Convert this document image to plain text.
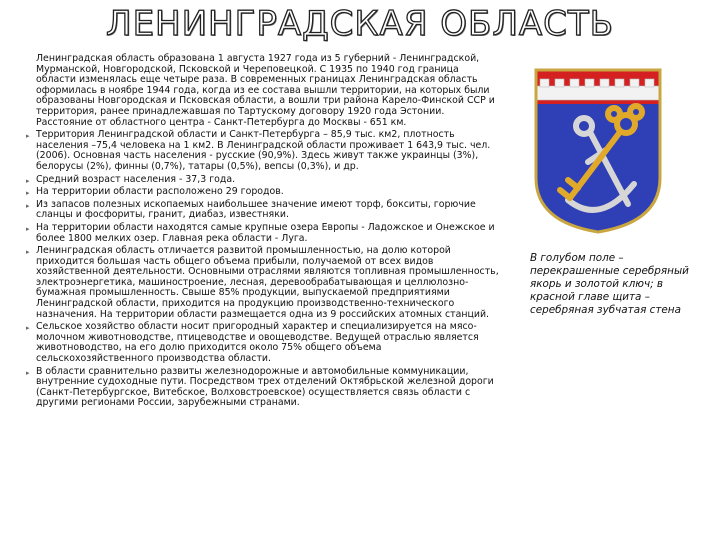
ЛЕНИНГРАДСКАЯ ОБЛАСТЬ

Ленинградская область образована 1 августа 1927 года из 5 губерний - Ленинградской, Мурманской, Новгородской, Псковской и Череповецкой. С 1935 по 1940 год граница области изменялась еще четыре раза. В современных границах Ленинградская область оформилась в ноябре 1944 года, когда из ее состава вышли территории, на которых были образованы Новгородская и Псковская области, а вошли три района Карело-Финской ССР и территория, ранее принадлежавшая по Тартускому договору 1920 года Эстонии. Расстояние от областного центра - Санкт-Петербурга до Москвы - 651 км.

▸ Территория Ленинградской области и Санкт-Петербурга – 85,9 тыс. км2, плотность населения –75,4 человека на 1 км2. В Ленинградской области проживает 1 643,9 тыс. чел. (2006). Основная часть населения - русские (90,9%). Здесь живут также украинцы (3%), белорусы (2%), финны (0,7%), татары (0,5%), вепсы (0,3%), и др.

▸ Средний возраст населения - 37,3 года.

▸ На территории области расположено 29 городов.

▸ Из запасов полезных ископаемых наибольшее значение имеют торф, бокситы, горючие сланцы и фосфориты, гранит, диабаз, известняки.

▸ На территории области находятся самые крупные озера Европы - Ладожское и Онежское и более 1800 мелких озер. Главная река области - Луга.

▸ Ленинградская область отличается развитой промышленностью, на долю которой приходится большая часть общего объема прибыли, получаемой от всех видов хозяйственной деятельности. Основными отраслями являются топливная промышленность, электроэнергетика, машиностроение, лесная, деревообрабатывающая и целлюлозно-бумажная промышленность. Свыше 85% продукции, выпускаемой предприятиями Ленинградской области, приходится на продукцию производственно-технического назначения. На территории области размещается одна из 9 российских атомных станций.

▸ Сельское хозяйство области носит пригородный характер и специализируется на мясо-молочном животноводстве, птицеводстве и овощеводстве. Ведущей отраслью является животноводство, на его долю приходится около 75% общего объема сельскохозяйственного производства области.

▸ В области сравнительно развиты железнодорожные и автомобильные коммуникации, внутренние судоходные пути. Посредством трех отделений Октябрьской железной дороги (Санкт-Петербургское, Витебское, Волховстроевское) осуществляется связь области с другими регионами России, зарубежными странами.

В голубом поле – перекрашенные серебряный якорь и золотой ключ; в красной главе щита – серебряная зубчатая стена
